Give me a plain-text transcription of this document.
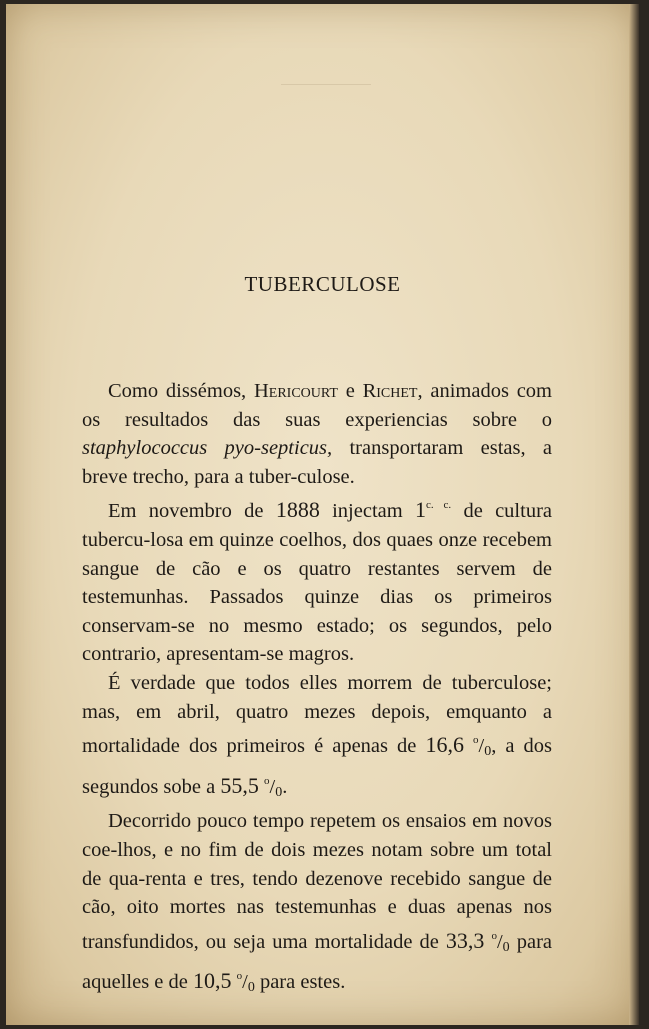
TUBERCULOSE

Como dissémos, Hericourt e Richet, animados com os resultados das suas experiencias sobre o staphylococcus pyo-septicus, transportaram estas, a breve trecho, para a tuber-culose.

Em novembro de 1888 injectam $1^{c. c.}$ de cultura tubercu-losa em quinze coelhos, dos quaes onze recebem sangue de cão e os quatro restantes servem de testemunhas. Passados quinze dias os primeiros conservam-se no mesmo estado; os segundos, pelo contrario, apresentam-se magros.

É verdade que todos elles morrem de tuberculose; mas, em abril, quatro mezes depois, emquanto a mortalidade dos primeiros é apenas de 16,6 $^o/_0$, a dos segundos sobe a 55,5 $^o/_0$.

Decorrido pouco tempo repetem os ensaios em novos coe-lhos, e no fim de dois mezes notam sobre um total de qua-renta e tres, tendo dezenove recebido sangue de cão, oito mortes nas testemunhas e duas apenas nos transfundidos, ou seja uma mortalidade de 33,3 $^o/_0$ para aquelles e de 10,5 $^o/_0$ para estes.
